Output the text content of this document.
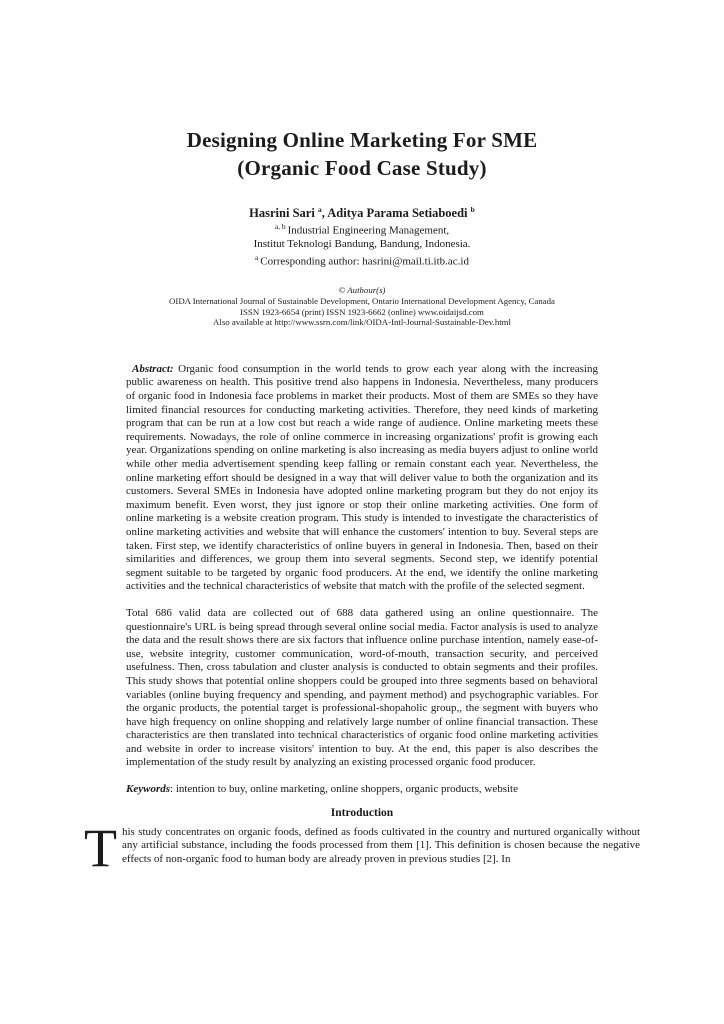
Designing Online Marketing For SME
(Organic Food Case Study)
Hasrini Sari $^a$, Aditya Parama Setiaboedi $^b$
$^{a, b}$ Industrial Engineering Management,
Institut Teknologi Bandung, Bandung, Indonesia.
$^a$ Corresponding author: hasrini@mail.ti.itb.ac.id
© Authour(s)
OIDA International Journal of Sustainable Development, Ontario International Development Agency, Canada
ISSN 1923-6654 (print) ISSN 1923-6662 (online) www.oidaijsd.com
Also available at http://www.ssrn.com/link/OIDA-Intl-Journal-Sustainable-Dev.html

Abstract: Organic food consumption in the world tends to grow each year along with the increasing public awareness on health. This positive trend also happens in Indonesia. Nevertheless, many producers of organic food in Indonesia face problems in market their products. Most of them are SMEs so they have limited financial resources for conducting marketing activities. Therefore, they need kinds of marketing program that can be run at a low cost but reach a wide range of audience. Online marketing meets these requirements. Nowadays, the role of online commerce in increasing organizations' profit is growing each year. Organizations spending on online marketing is also increasing as media buyers adjust to online world while other media advertisement spending keep falling or remain constant each year. Nevertheless, the online marketing effort should be designed in a way that will deliver value to both the organization and its customers. Several SMEs in Indonesia have adopted online marketing program but they do not enjoy its maximum benefit. Even worst, they just ignore or stop their online marketing activities. One form of online marketing is a website creation program. This study is intended to investigate the characteristics of online marketing activities and website that will enhance the customers' intention to buy. Several steps are taken. First step, we identify characteristics of online buyers in general in Indonesia. Then, based on their similarities and differences, we group them into several segments. Second step, we identify potential segment suitable to be targeted by organic food producers. At the end, we identify the online marketing activities and the technical characteristics of website that match with the profile of the selected segment.

Total 686 valid data are collected out of 688 data gathered using an online questionnaire. The questionnaire's URL is being spread through several online social media. Factor analysis is used to analyze the data and the result shows there are six factors that influence online purchase intention, namely ease-of-use, website integrity, customer communication, word-of-mouth, transaction security, and perceived usefulness. Then, cross tabulation and cluster analysis is conducted to obtain segments and their profiles. This study shows that potential online shoppers could be grouped into three segments based on behavioral variables (online buying frequency and spending, and payment method) and psychographic variables. For the organic products, the potential target is professional-shopaholic group,, the segment with buyers who have high frequency on online shopping and relatively large number of online financial transaction. These characteristics are then translated into technical characteristics of organic food online marketing activities and website in order to increase visitors' intention to buy. At the end, this paper is also describes the implementation of the study result by analyzing an existing processed organic food producer.

Keywords: intention to buy, online marketing, online shoppers, organic products, website
Introduction
This study concentrates on organic foods, defined as foods cultivated in the country and nurtured organically without any artificial substance, including the foods processed from them [1]. This definition is chosen because the negative effects of non-organic food to human body are already proven in previous studies [2]. In
